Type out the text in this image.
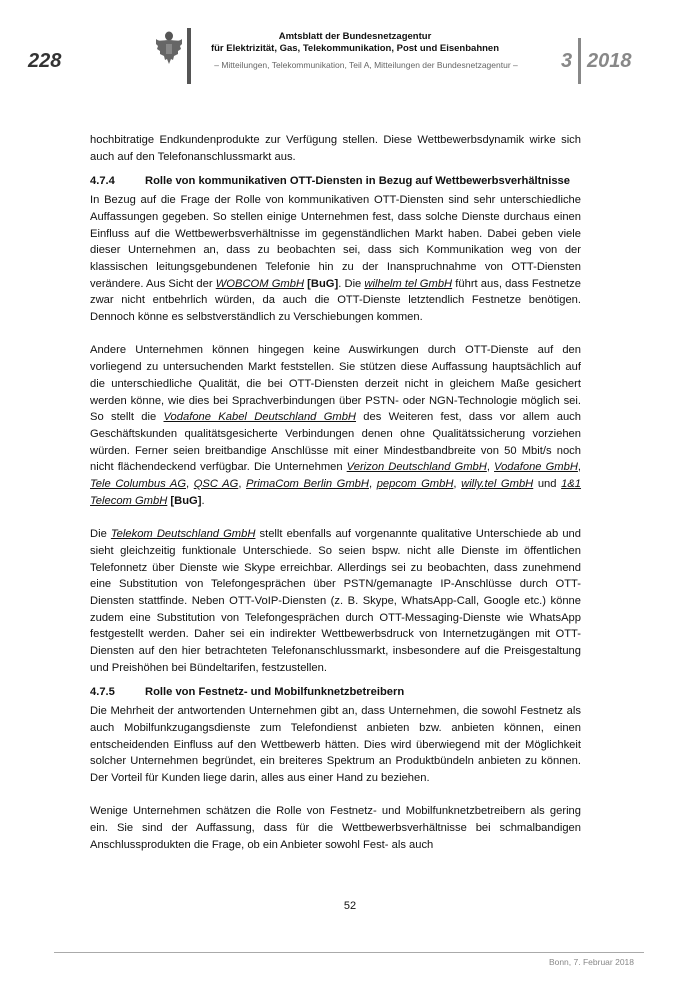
228
Amtsblatt der Bundesnetzagentur
für Elektrizität, Gas, Telekommunikation, Post und Eisenbahnen
– Mitteilungen, Telekommunikation, Teil A, Mitteilungen der Bundesnetzagentur –	3 2018

hochbitratige Endkundenprodukte zur Verfügung stellen. Diese Wettbewerbsdynamik wirke sich auch auf den Telefonanschlussmarkt aus.

4.7.4	Rolle von kommunikativen OTT-Diensten in Bezug auf Wettbewerbsverhältnisse

In Bezug auf die Frage der Rolle von kommunikativen OTT-Diensten sind sehr unterschiedliche Auffassungen gegeben. So stellen einige Unternehmen fest, dass solche Dienste durchaus einen Einfluss auf die Wettbewerbsverhältnisse im gegenständlichen Markt haben. Dabei geben viele dieser Unternehmen an, dass zu beobachten sei, dass sich Kommunikation weg von der klassischen leitungsgebundenen Telefonie hin zu der Inanspruchnahme von OTT-Diensten verändere. Aus Sicht der WOBCOM GmbH [BuG]. Die wilhelm tel GmbH führt aus, dass Festnetze zwar nicht entbehrlich würden, da auch die OTT-Dienste letztendlich Festnetze benötigen. Dennoch könne es selbstverständlich zu Verschiebungen kommen.

Andere Unternehmen können hingegen keine Auswirkungen durch OTT-Dienste auf den vorliegend zu untersuchenden Markt feststellen. Sie stützen diese Auffassung hauptsächlich auf die unterschiedliche Qualität, die bei OTT-Diensten derzeit nicht in gleichem Maße gesichert werden könne, wie dies bei Sprachverbindungen über PSTN- oder NGN-Technologie möglich sei. So stellt die Vodafone Kabel Deutschland GmbH des Weiteren fest, dass vor allem auch Geschäftskunden qualitätsgesicherte Verbindungen denen ohne Qualitätssicherung vorziehen würden. Ferner seien breitbandige Anschlüsse mit einer Mindestbandbreite von 50 Mbit/s noch nicht flächendeckend verfügbar. Die Unternehmen Verizon Deutschland GmbH, Vodafone GmbH, Tele Columbus AG, QSC AG, PrimaCom Berlin GmbH, pepcom GmbH, willy.tel GmbH und 1&1 Telecom GmbH [BuG].

Die Telekom Deutschland GmbH stellt ebenfalls auf vorgenannte qualitative Unterschiede ab und sieht gleichzeitig funktionale Unterschiede. So seien bspw. nicht alle Dienste im öffentlichen Telefonnetz über Dienste wie Skype erreichbar. Allerdings sei zu beobachten, dass zunehmend eine Substitution von Telefongesprächen über PSTN/gemanagte IP-Anschlüsse durch OTT-Diensten stattfinde. Neben OTT-VoIP-Diensten (z. B. Skype, WhatsApp-Call, Google etc.) könne zudem eine Substitution von Telefongesprächen durch OTT-Messaging-Dienste wie WhatsApp festgestellt werden. Daher sei ein indirekter Wettbewerbsdruck von Internetzugängen mit OTT-Diensten auf den hier betrachteten Telefonanschlussmarkt, insbesondere auf die Preisgestaltung und Preishöhen bei Bündeltarifen, festzustellen.

4.7.5	Rolle von Festnetz- und Mobilfunknetzbetreibern

Die Mehrheit der antwortenden Unternehmen gibt an, dass Unternehmen, die sowohl Festnetz als auch Mobilfunkzugangsdienste zum Telefondienst anbieten bzw. anbieten können, einen entscheidenden Einfluss auf den Wettbewerb hätten. Dies wird überwiegend mit der Möglichkeit solcher Unternehmen begründet, ein breiteres Spektrum an Produktbündeln anbieten zu können. Der Vorteil für Kunden liege darin, alles aus einer Hand zu beziehen.

Wenige Unternehmen schätzen die Rolle von Festnetz- und Mobilfunknetzbetreibern als gering ein. Sie sind der Auffassung, dass für die Wettbewerbsverhältnisse bei schmalbandigen Anschlussprodukten die Frage, ob ein Anbieter sowohl Fest- als auch

52
Bonn, 7. Februar 2018
